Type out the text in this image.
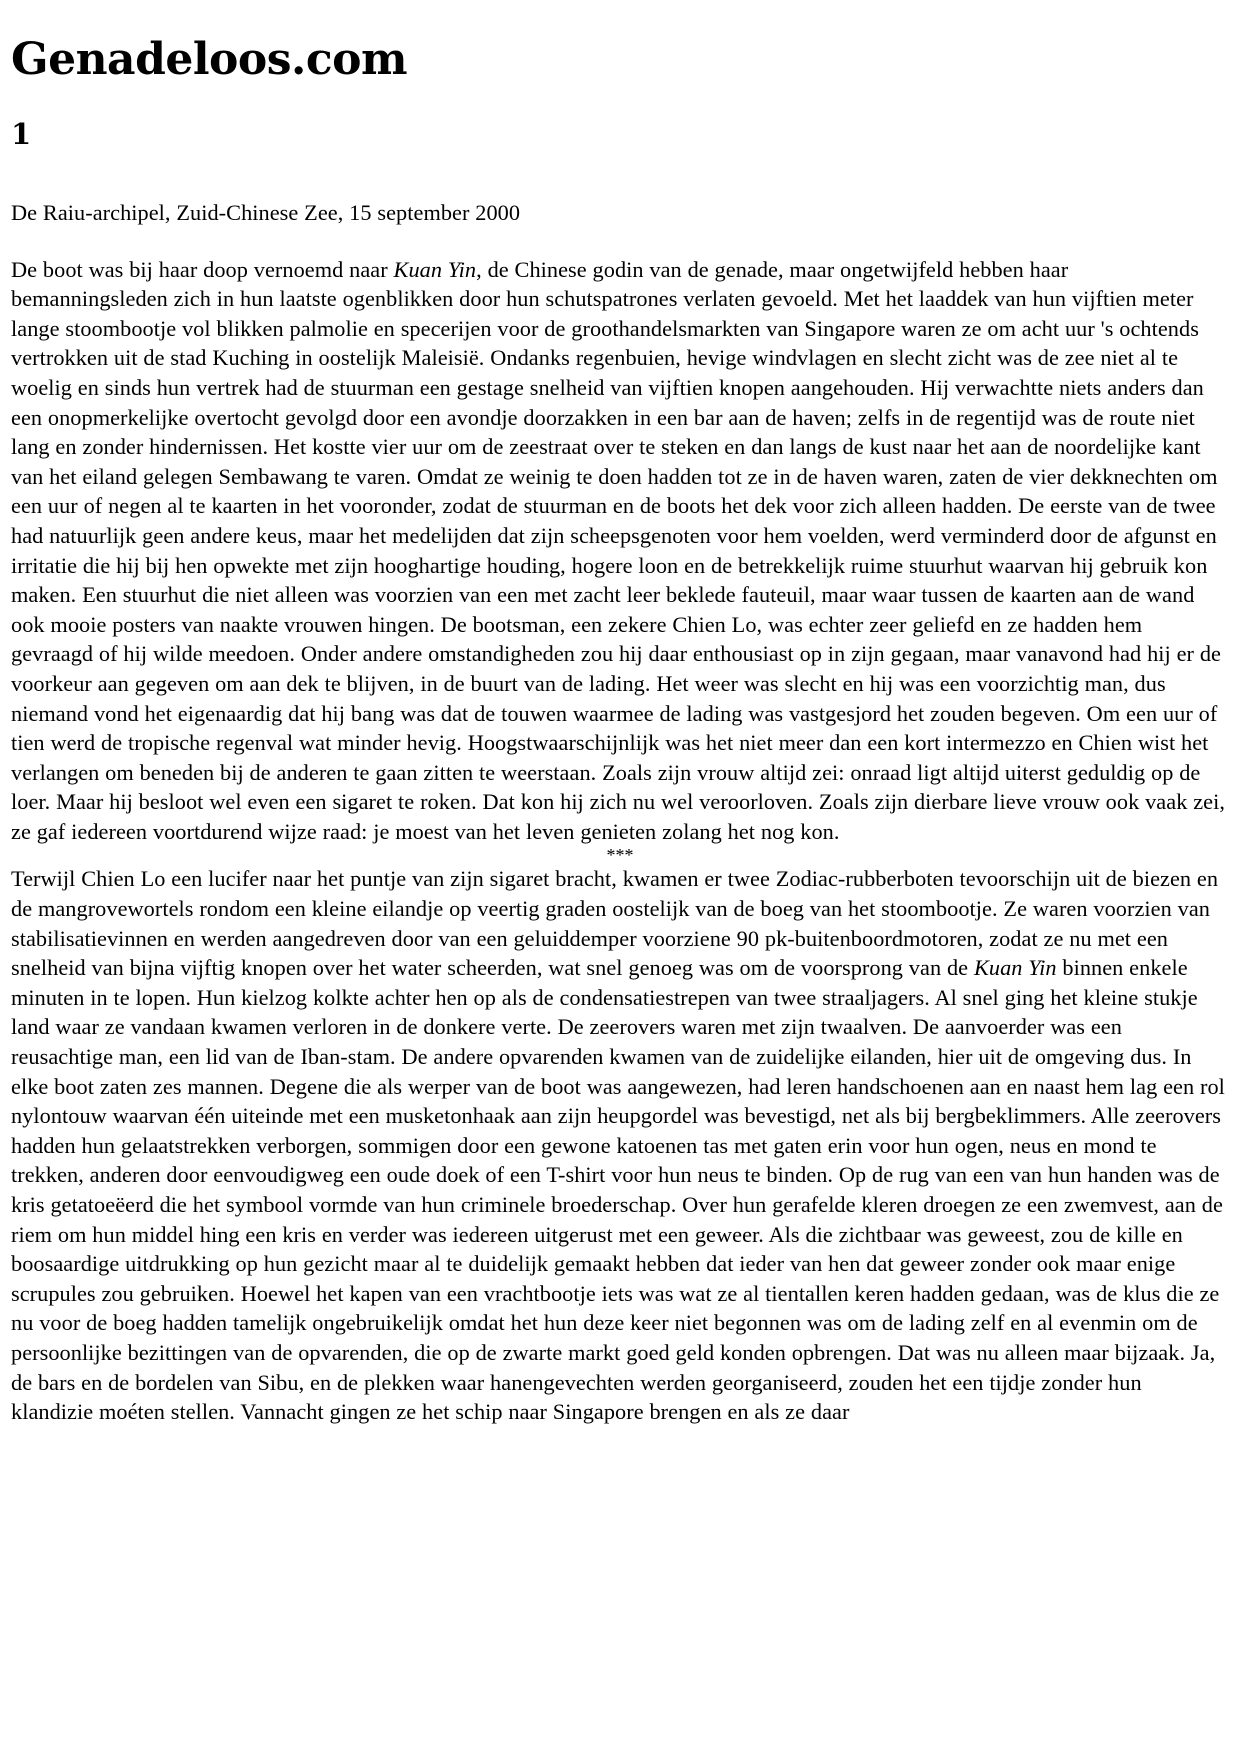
Genadeloos.com
1

De Raiu-archipel, Zuid-Chinese Zee, 15 september 2000

De boot was bij haar doop vernoemd naar Kuan Yin, de Chinese godin van de genade, maar ongetwijfeld hebben haar bemanningsleden zich in hun laatste ogenblikken door hun schutspatrones verlaten gevoeld. Met het laaddek van hun vijftien meter lange stoombootje vol blikken palmolie en specerijen voor de groothandelsmarkten van Singapore waren ze om acht uur 's ochtends vertrokken uit de stad Kuching in oostelijk Maleisië. Ondanks regenbuien, hevige windvlagen en slecht zicht was de zee niet al te woelig en sinds hun vertrek had de stuurman een gestage snelheid van vijftien knopen aangehouden. Hij verwachtte niets anders dan een onopmerkelijke overtocht gevolgd door een avondje doorzakken in een bar aan de haven; zelfs in de regentijd was de route niet lang en zonder hindernissen. Het kostte vier uur om de zeestraat over te steken en dan langs de kust naar het aan de noordelijke kant van het eiland gelegen Sembawang te varen. Omdat ze weinig te doen hadden tot ze in de haven waren, zaten de vier dekknechten om een uur of negen al te kaarten in het vooronder, zodat de stuurman en de boots het dek voor zich alleen hadden. De eerste van de twee had natuurlijk geen andere keus, maar het medelijden dat zijn scheepsgenoten voor hem voelden, werd verminderd door de afgunst en irritatie die hij bij hen opwekte met zijn hooghartige houding, hogere loon en de betrekkelijk ruime stuurhut waarvan hij gebruik kon maken. Een stuurhut die niet alleen was voorzien van een met zacht leer beklede fauteuil, maar waar tussen de kaarten aan de wand ook mooie posters van naakte vrouwen hingen. De bootsman, een zekere Chien Lo, was echter zeer geliefd en ze hadden hem gevraagd of hij wilde meedoen. Onder andere omstandigheden zou hij daar enthousiast op in zijn gegaan, maar vanavond had hij er de voorkeur aan gegeven om aan dek te blijven, in de buurt van de lading. Het weer was slecht en hij was een voorzichtig man, dus niemand vond het eigenaardig dat hij bang was dat de touwen waarmee de lading was vastgesjord het zouden begeven. Om een uur of tien werd de tropische regenval wat minder hevig. Hoogstwaarschijnlijk was het niet meer dan een kort intermezzo en Chien wist het verlangen om beneden bij de anderen te gaan zitten te weerstaan. Zoals zijn vrouw altijd zei: onraad ligt altijd uiterst geduldig op de loer. Maar hij besloot wel even een sigaret te roken. Dat kon hij zich nu wel veroorloven. Zoals zijn dierbare lieve vrouw ook vaak zei, ze gaf iedereen voortdurend wijze raad: je moest van het leven genieten zolang het nog kon.

***

Terwijl Chien Lo een lucifer naar het puntje van zijn sigaret bracht, kwamen er twee Zodiac-rubberboten tevoorschijn uit de biezen en de mangrovewortels rondom een kleine eilandje op veertig graden oostelijk van de boeg van het stoombootje. Ze waren voorzien van stabilisatievinnen en werden aangedreven door van een geluiddemper voorziene 90 pk-buitenboordmotoren, zodat ze nu met een snelheid van bijna vijftig knopen over het water scheerden, wat snel genoeg was om de voorsprong van de Kuan Yin binnen enkele minuten in te lopen. Hun kielzog kolkte achter hen op als de condensatiestrepen van twee straaljagers. Al snel ging het kleine stukje land waar ze vandaan kwamen verloren in de donkere verte. De zeerovers waren met zijn twaalven. De aanvoerder was een reusachtige man, een lid van de Iban-stam. De andere opvarenden kwamen van de zuidelijke eilanden, hier uit de omgeving dus. In elke boot zaten zes mannen. Degene die als werper van de boot was aangewezen, had leren handschoenen aan en naast hem lag een rol nylontouw waarvan één uiteinde met een musketonhaak aan zijn heupgordel was bevestigd, net als bij bergbeklimmers. Alle zeerovers hadden hun gelaatstrekken verborgen, sommigen door een gewone katoenen tas met gaten erin voor hun ogen, neus en mond te trekken, anderen door eenvoudigweg een oude doek of een T-shirt voor hun neus te binden. Op de rug van een van hun handen was de kris getatoeëerd die het symbool vormde van hun criminele broederschap. Over hun gerafelde kleren droegen ze een zwemvest, aan de riem om hun middel hing een kris en verder was iedereen uitgerust met een geweer. Als die zichtbaar was geweest, zou de kille en boosaardige uitdrukking op hun gezicht maar al te duidelijk gemaakt hebben dat ieder van hen dat geweer zonder ook maar enige scrupules zou gebruiken. Hoewel het kapen van een vrachtbootje iets was wat ze al tientallen keren hadden gedaan, was de klus die ze nu voor de boeg hadden tamelijk ongebruikelijk omdat het hun deze keer niet begonnen was om de lading zelf en al evenmin om de persoonlijke bezittingen van de opvarenden, die op de zwarte markt goed geld konden opbrengen. Dat was nu alleen maar bijzaak. Ja, de bars en de bordelen van Sibu, en de plekken waar hanengevechten werden georganiseerd, zouden het een tijdje zonder hun klandizie moéten stellen. Vannacht gingen ze het schip naar Singapore brengen en als ze daar
